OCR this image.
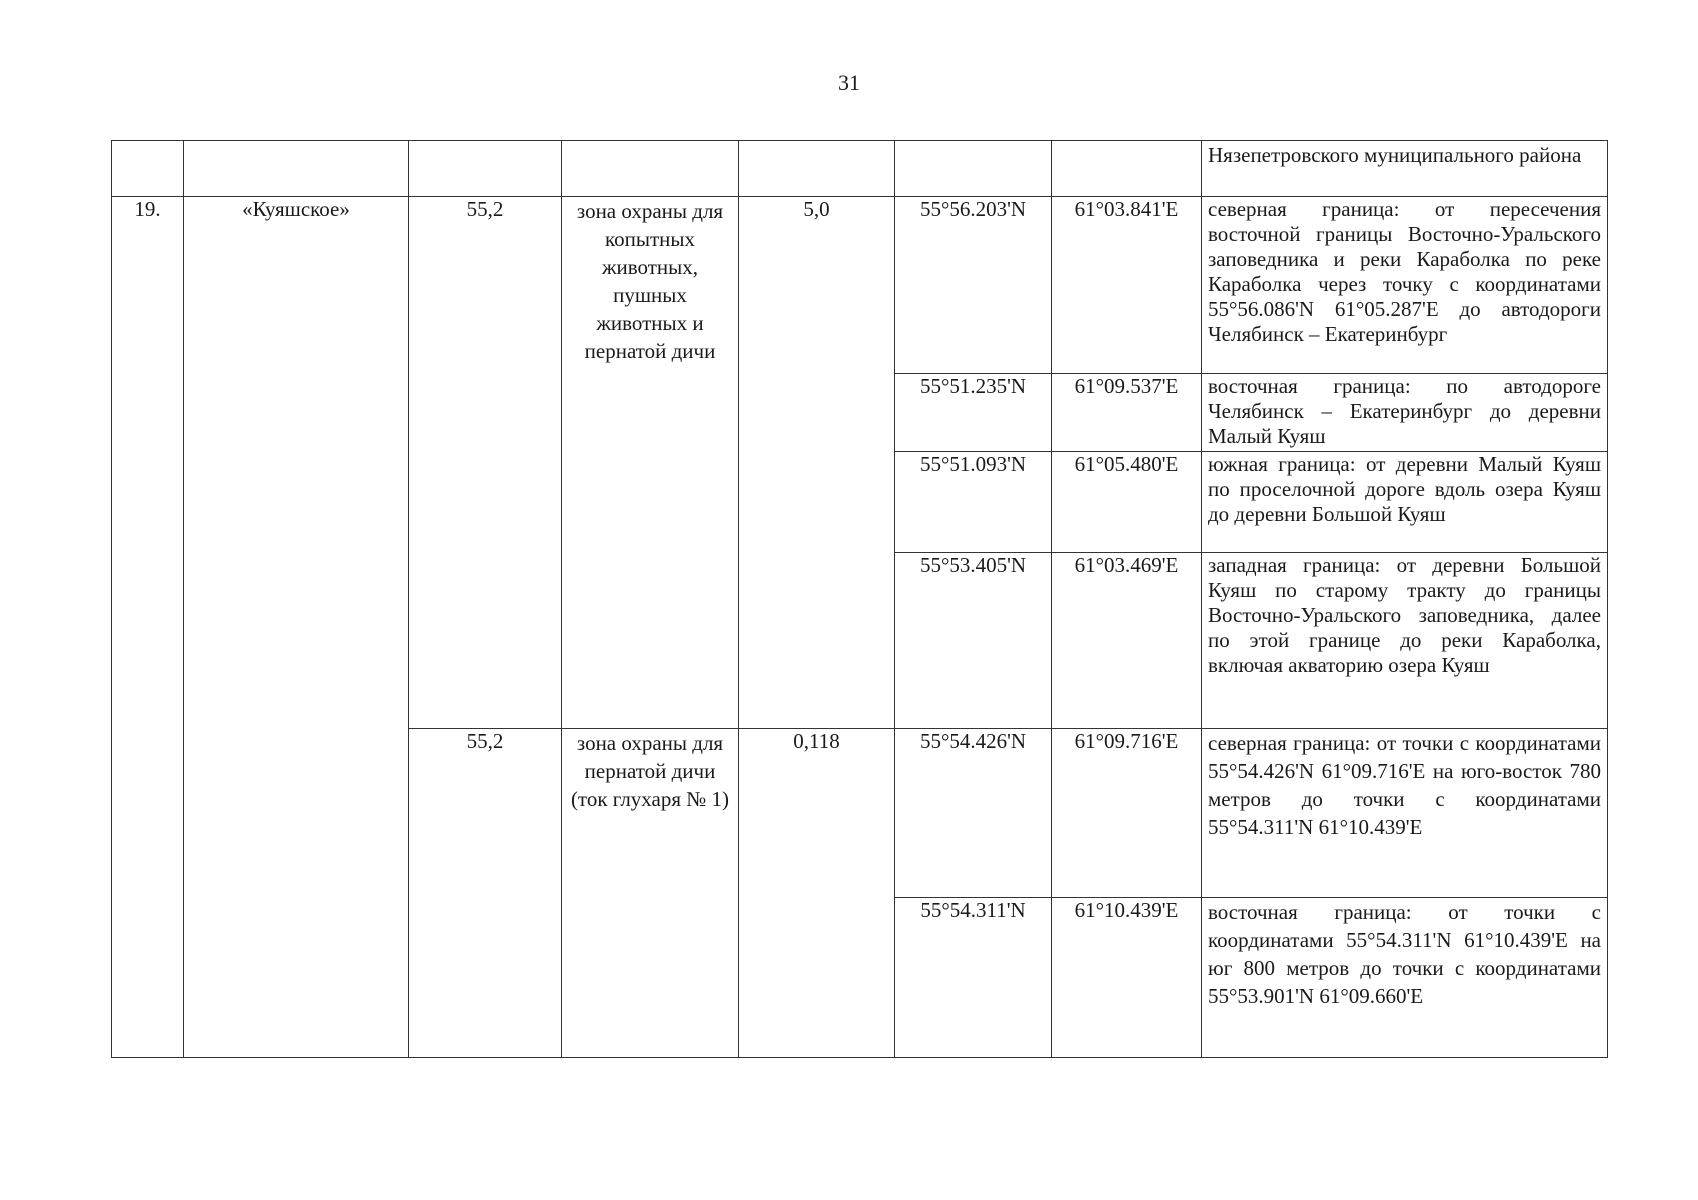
31
							Нязепетровского муниципального района
19.	«Куяшское»	55,2	зона охраны для копытных животных, пушных животных и пернатой дичи	5,0	55°56.203'N	61°03.841'E	северная граница: от пересечения восточной границы Восточно-Уральского заповедника и реки Караболка по реке Караболка через точку с координатами 55°56.086'N 61°05.287'E до автодороги Челябинск – Екатеринбург
					55°51.235'N	61°09.537'E	восточная граница: по автодороге Челябинск – Екатеринбург до деревни Малый Куяш
					55°51.093'N	61°05.480'E	южная граница: от деревни Малый Куяш по проселочной дороге вдоль озера Куяш до деревни Большой Куяш
					55°53.405'N	61°03.469'E	западная граница: от деревни Большой Куяш по старому тракту до границы Восточно-Уральского заповедника, далее по этой границе до реки Караболка, включая акваторию озера Куяш
		55,2	зона охраны для пернатой дичи (ток глухаря № 1)	0,118	55°54.426'N	61°09.716'E	северная граница: от точки с координатами 55°54.426'N 61°09.716'E на юго-восток 780 метров до точки с координатами 55°54.311'N 61°10.439'E
					55°54.311'N	61°10.439'E	восточная граница: от точки с координатами 55°54.311'N 61°10.439'E на юг 800 метров до точки с координатами 55°53.901'N 61°09.660'E
